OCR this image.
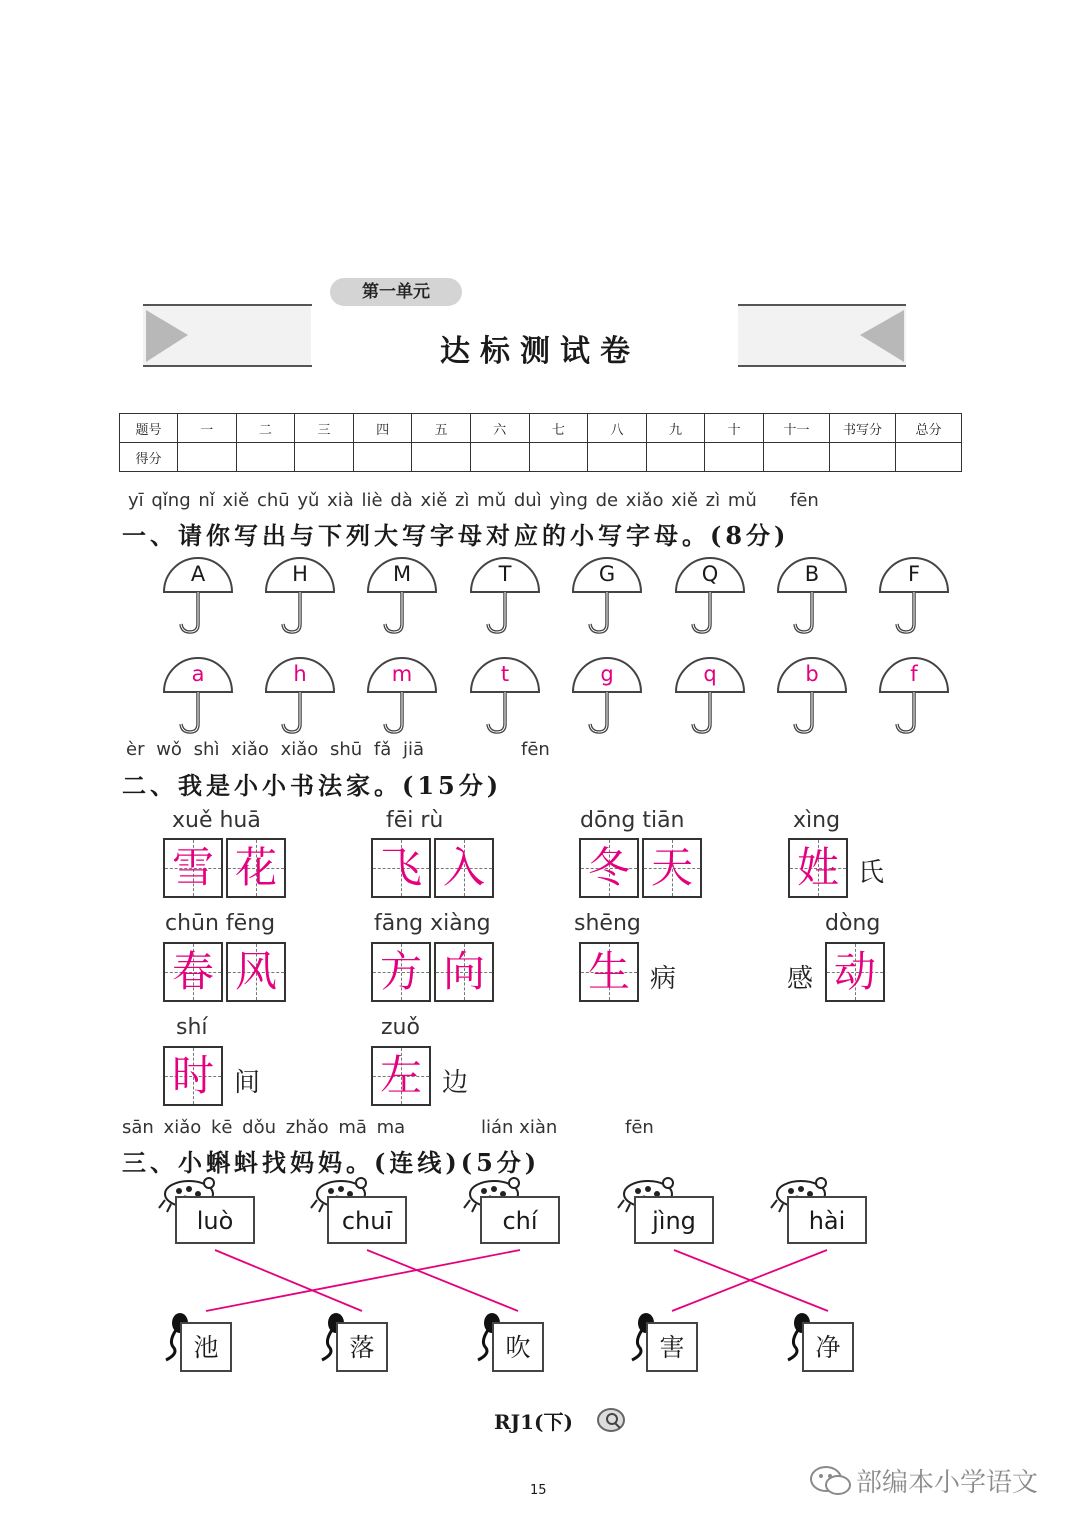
第一单元
达标测试卷
题号	一	二	三	四	五	六	七	八	九	十	十一	书写分	总分
得分													
yī qǐng nǐ xiě chū yǔ xià liè dà xiě zì mǔ duì yìng de xiǎo xiě zì mǔ fēn
一、请你写出与下列大写字母对应的小写字母。(8分)
A	H	M	T	G	Q	B	F
a	h	m	t	g	q	b	f
èr wǒ shì xiǎo xiǎo shū fǎ jiā	fēn
二、我是小小书法家。(15分)
xuě huā
雪 花
fēi rù
飞 入
dōng tiān
冬 天
xìng
姓 氏
chūn fēng
春 风
fāng xiàng
方 向
shēng
生 病
dòng
感 动
shí
时 间
zuǒ
左 边
sān xiǎo kē dǒu zhǎo mā ma	lián xiàn	fēn
三、小蝌蚪找妈妈。(连线)(5分)
luò	chuī	chí	jìng	hài
池	落	吹	害	净
RJ1(下)
15	部编本小学语文
